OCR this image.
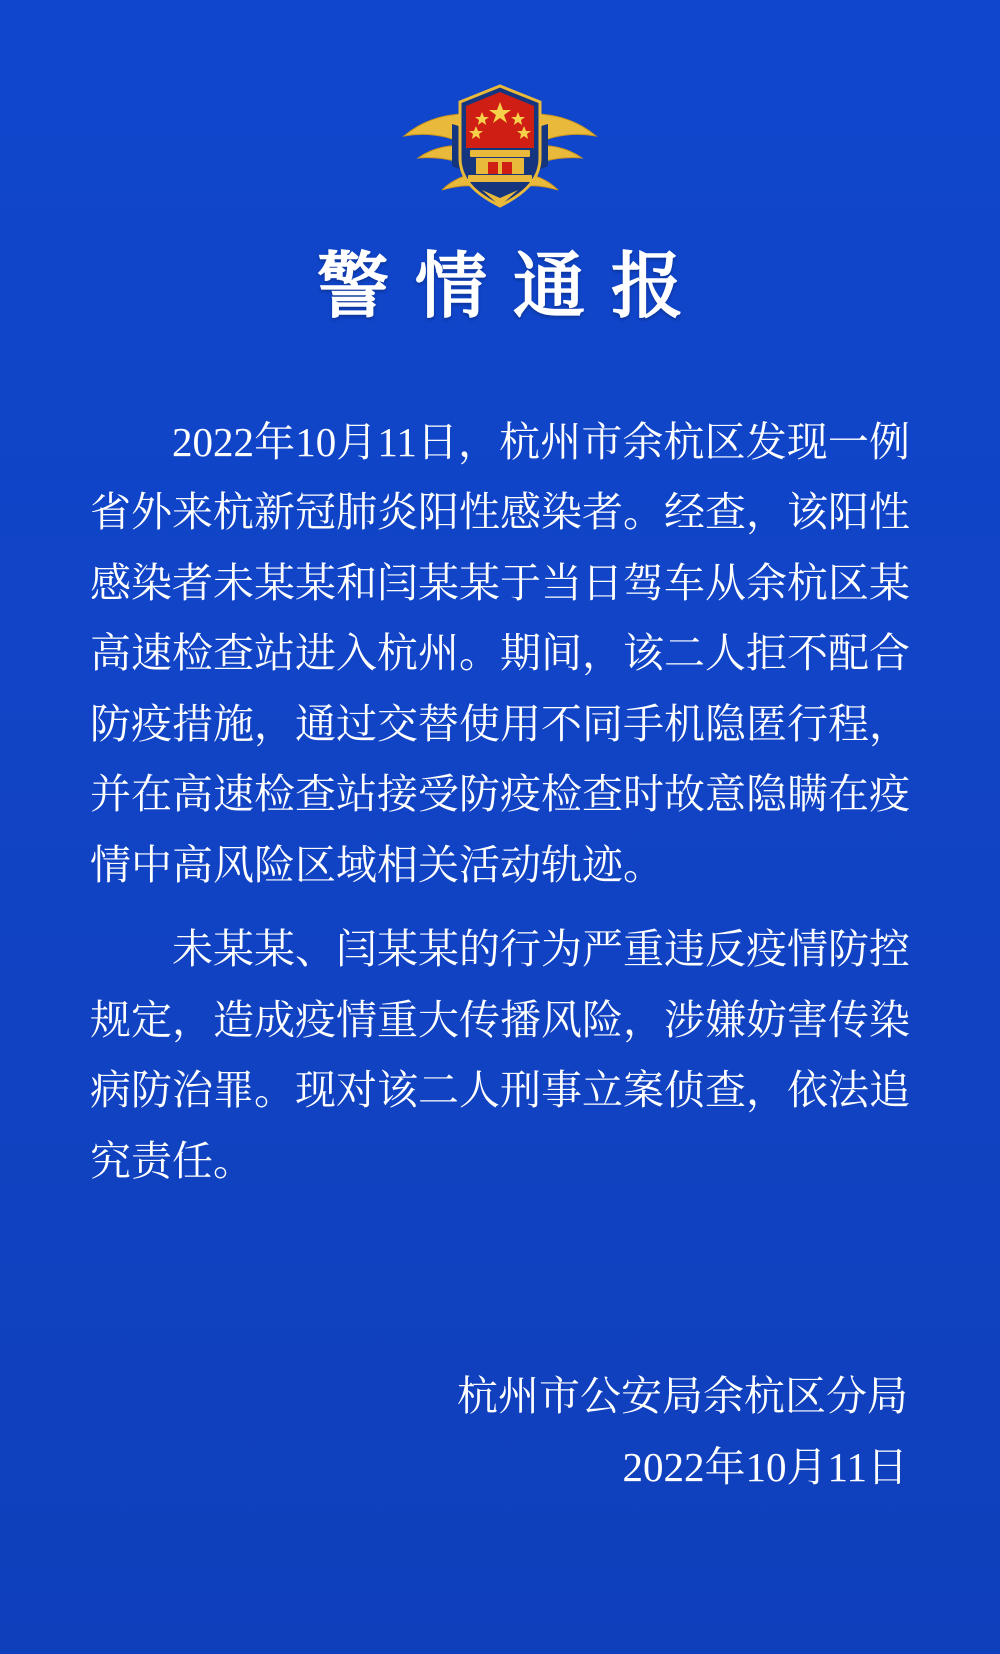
警情通报

2022年10月11日，杭州市余杭区发现一例省外来杭新冠肺炎阳性感染者。经查，该阳性感染者未某某和闫某某于当日驾车从余杭区某高速检查站进入杭州。期间，该二人拒不配合防疫措施，通过交替使用不同手机隐匿行程，并在高速检查站接受防疫检查时故意隐瞒在疫情中高风险区域相关活动轨迹。

未某某、闫某某的行为严重违反疫情防控规定，造成疫情重大传播风险，涉嫌妨害传染病防治罪。现对该二人刑事立案侦查，依法追究责任。

杭州市公安局余杭区分局
2022年10月11日
